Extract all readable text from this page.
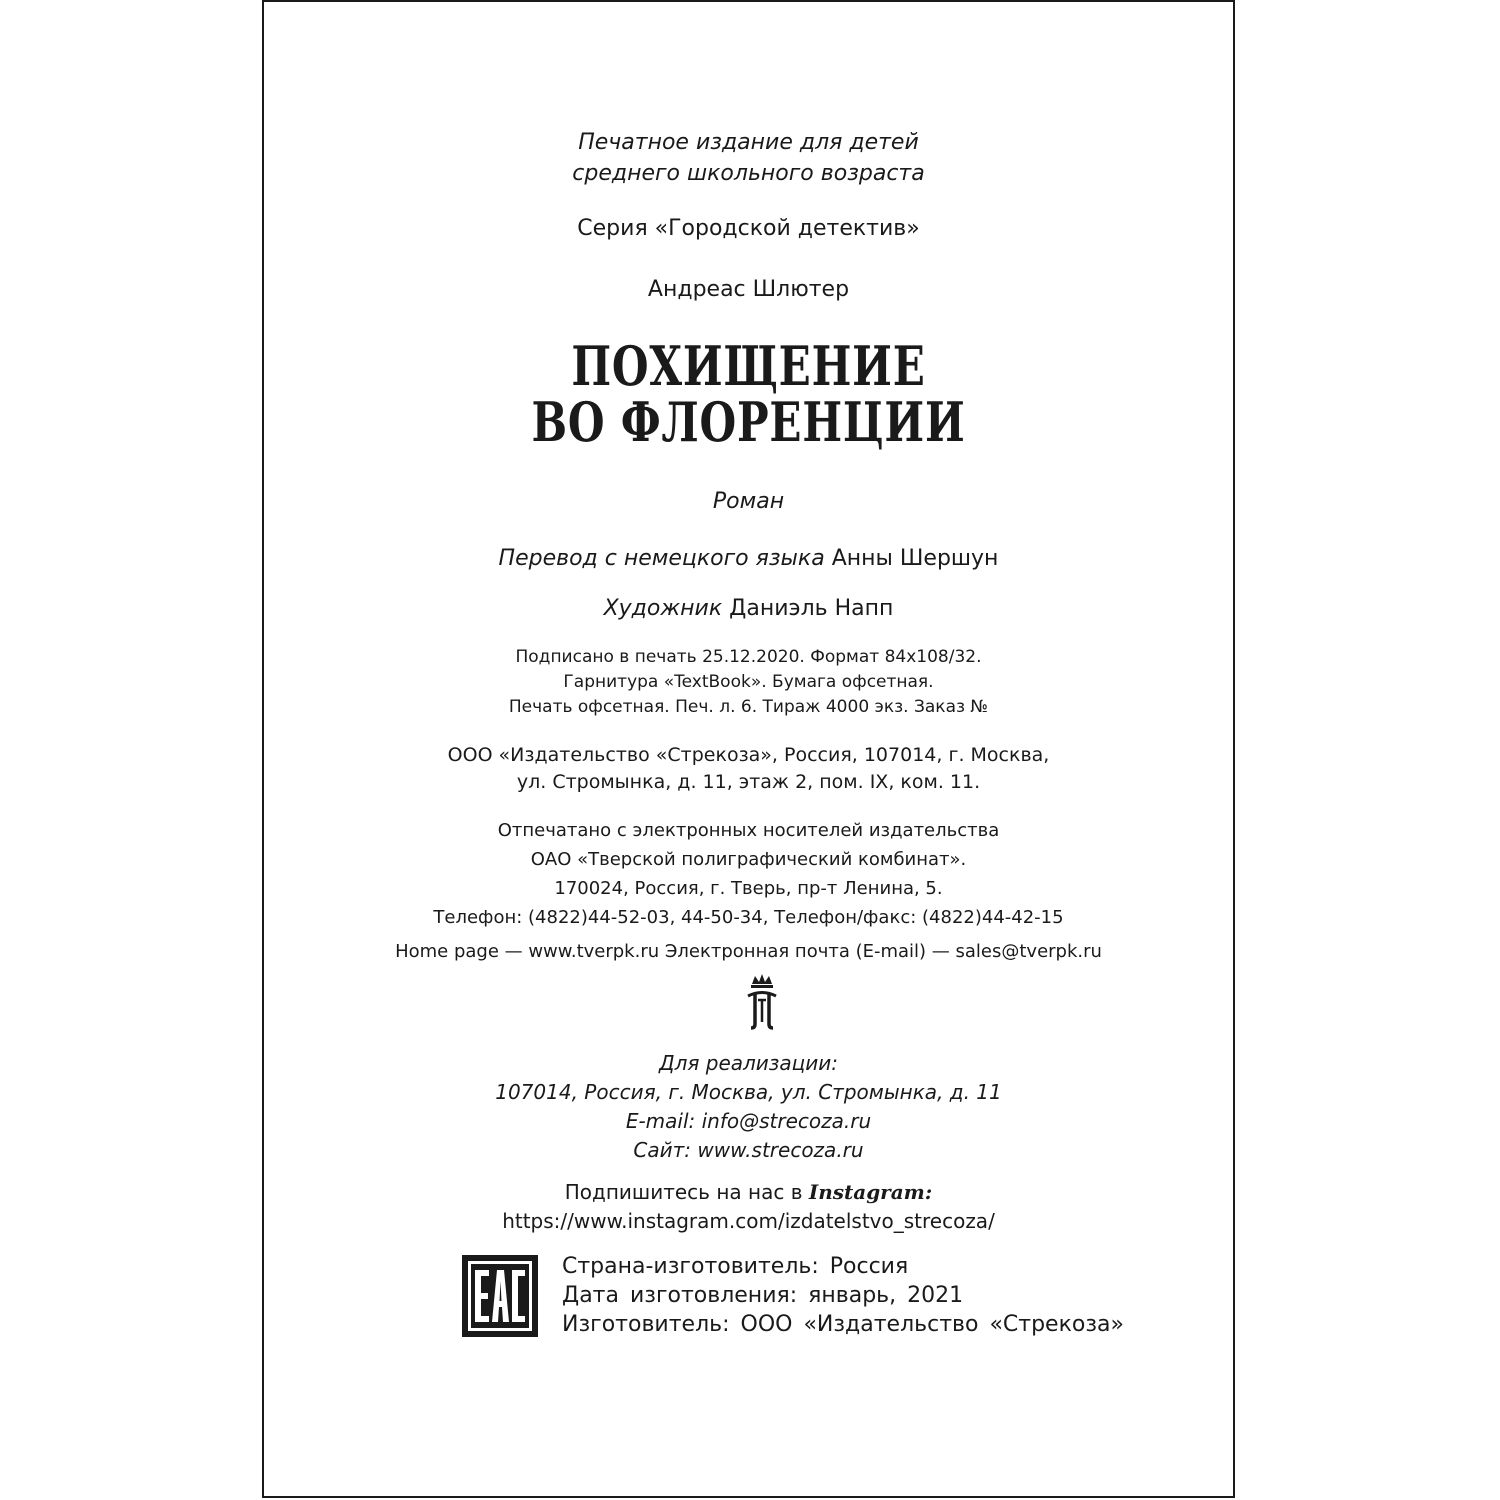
Печатное издание для детей
среднего школьного возраста
Серия «Городской детектив»
Андреас Шлютер
ПОХИЩЕНИЕ
ВО ФЛОРЕНЦИИ
Роман
Перевод с немецкого языка Анны Шершун
Художник Даниэль Напп
Подписано в печать 25.12.2020. Формат 84x108/32.
Гарнитура «TextBook». Бумага офсетная.
Печать офсетная. Печ. л. 6. Тираж 4000 экз. Заказ №
ООО «Издательство «Стрекоза», Россия, 107014, г. Москва,
ул. Стромынка, д. 11, этаж 2, пом. IX, ком. 11.
Отпечатано с электронных носителей издательства
ОАО «Тверской полиграфический комбинат».
170024, Россия, г. Тверь, пр-т Ленина, 5.
Телефон: (4822)44-52-03, 44-50-34, Телефон/факс: (4822)44-42-15
Home page — www.tverpk.ru Электронная почта (E-mail) — sales@tverpk.ru
Для реализации:
107014, Россия, г. Москва, ул. Стромынка, д. 11
E-mail: info@strecoza.ru
Сайт: www.strecoza.ru
Подпишитесь на нас в Instagram:
https://www.instagram.com/izdatelstvo_strecoza/
Страна-изготовитель: Россия
Дата изготовления: январь, 2021
Изготовитель: ООО «Издательство «Стрекоза»
